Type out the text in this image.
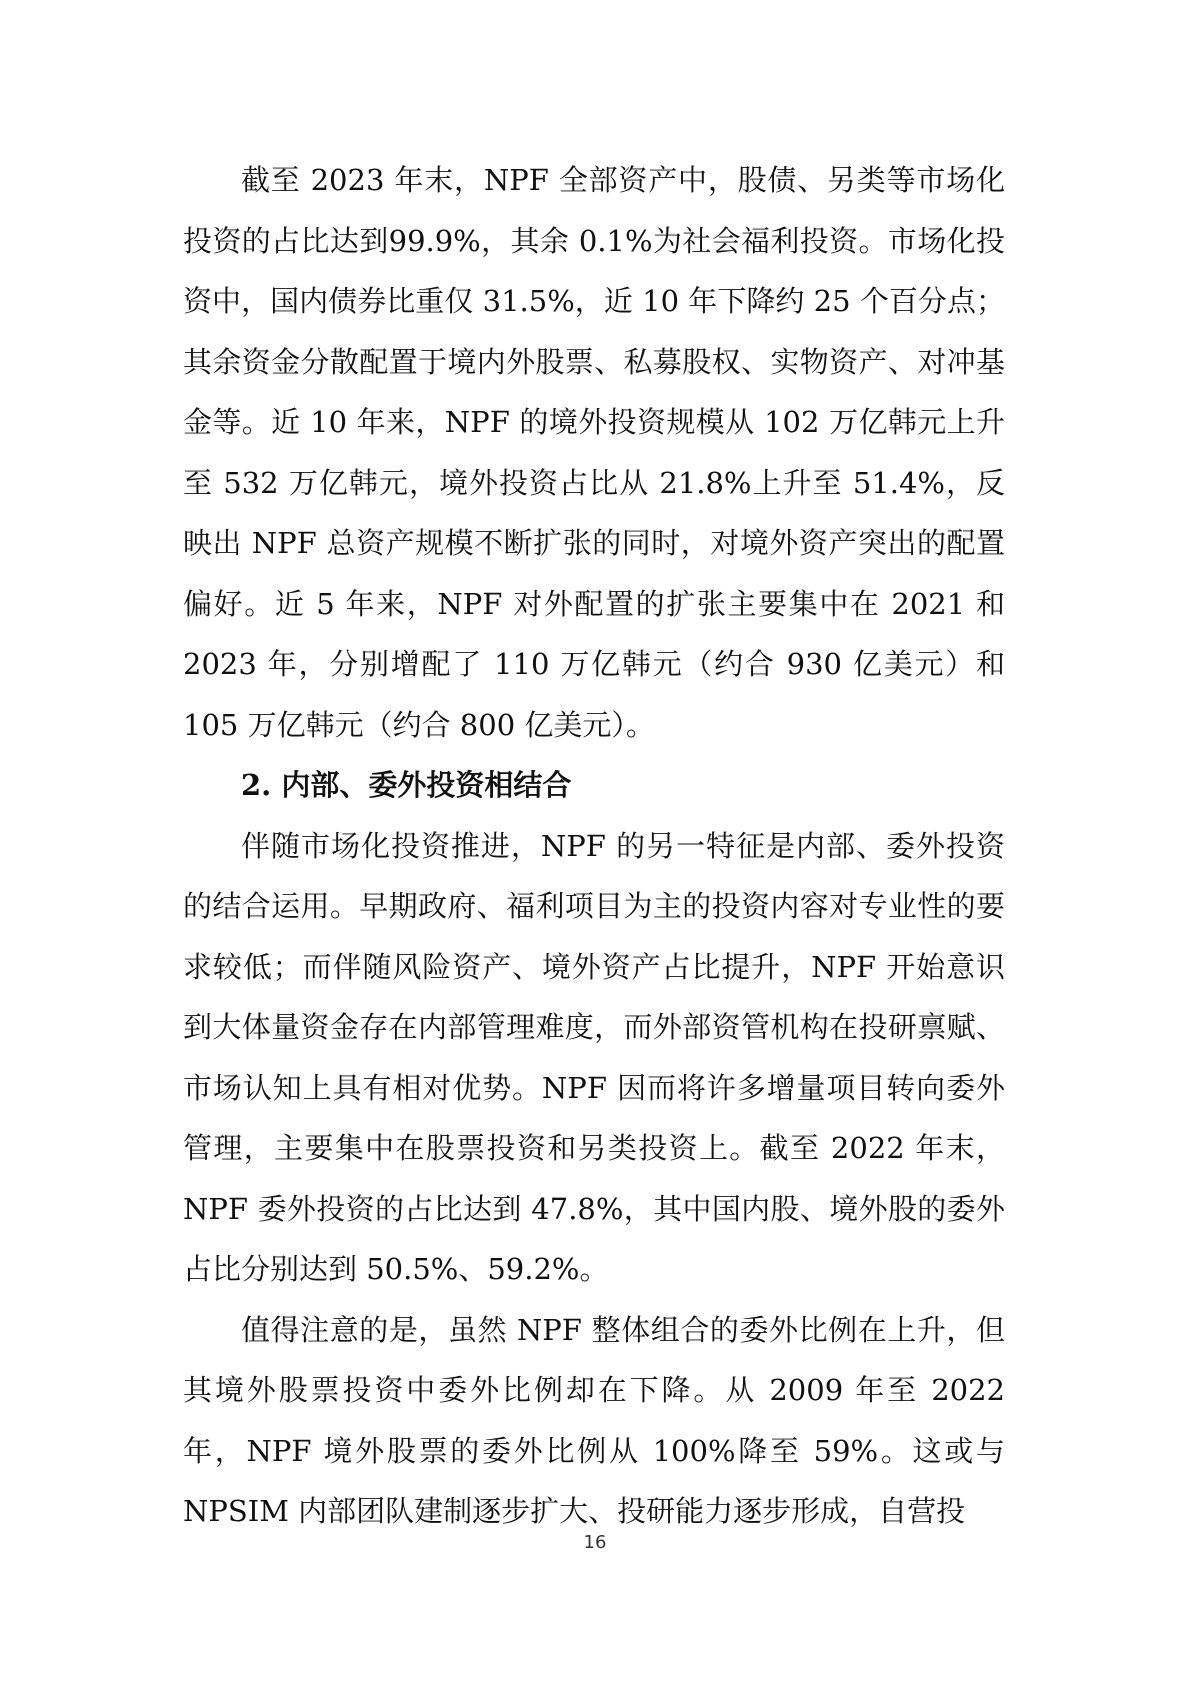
截至 2023 年末，NPF 全部资产中，股债、另类等市场化投资的占比达到99.9%，其余 0.1%为社会福利投资。市场化投资中，国内债券比重仅 31.5%，近 10 年下降约 25 个百分点；其余资金分散配置于境内外股票、私募股权、实物资产、对冲基金等。近 10 年来，NPF 的境外投资规模从 102 万亿韩元上升至 532 万亿韩元，境外投资占比从 21.8%上升至 51.4%，反映出 NPF 总资产规模不断扩张的同时，对境外资产突出的配置偏好。近 5 年来，NPF 对外配置的扩张主要集中在 2021 和 2023 年，分别增配了 110 万亿韩元（约合 930 亿美元）和 105 万亿韩元（约合 800 亿美元）。

2. 内部、委外投资相结合

伴随市场化投资推进，NPF 的另一特征是内部、委外投资的结合运用。早期政府、福利项目为主的投资内容对专业性的要求较低；而伴随风险资产、境外资产占比提升，NPF 开始意识到大体量资金存在内部管理难度，而外部资管机构在投研禀赋、市场认知上具有相对优势。NPF 因而将许多增量项目转向委外管理，主要集中在股票投资和另类投资上。截至 2022 年末，NPF 委外投资的占比达到 47.8%，其中国内股、境外股的委外占比分别达到 50.5%、59.2%。

值得注意的是，虽然 NPF 整体组合的委外比例在上升，但其境外股票投资中委外比例却在下降。从 2009 年至 2022 年，NPF 境外股票的委外比例从 100%降至 59%。这或与 NPSIM 内部团队建制逐步扩大、投研能力逐步形成，自营投

16
